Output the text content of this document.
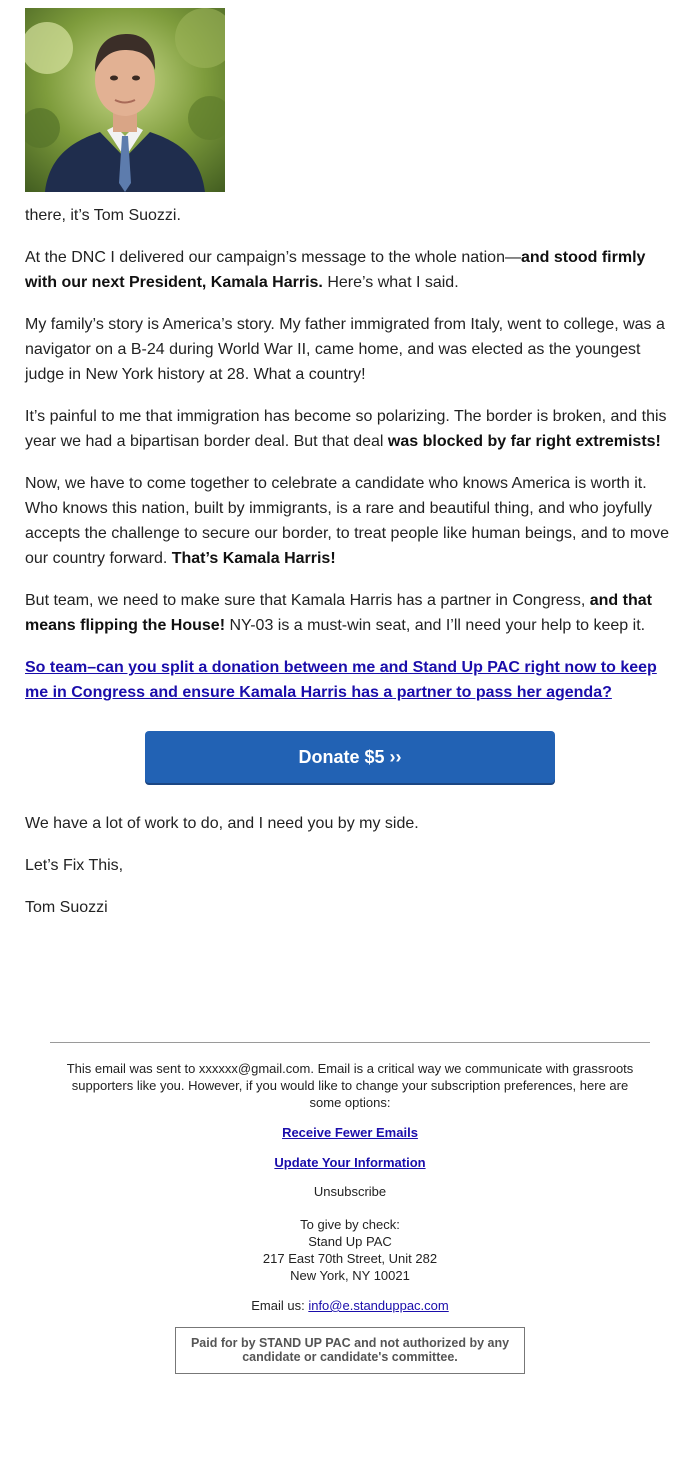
there, it’s Tom Suozzi.

At the DNC I delivered our campaign’s message to the whole nation—and stood firmly with our next President, Kamala Harris. Here’s what I said.

My family’s story is America’s story. My father immigrated from Italy, went to college, was a navigator on a B-24 during World War II, came home, and was elected as the youngest judge in New York history at 28. What a country!

It’s painful to me that immigration has become so polarizing. The border is broken, and this year we had a bipartisan border deal. But that deal was blocked by far right extremists!

Now, we have to come together to celebrate a candidate who knows America is worth it. Who knows this nation, built by immigrants, is a rare and beautiful thing, and who joyfully accepts the challenge to secure our border, to treat people like human beings, and to move our country forward. That’s Kamala Harris!

But team, we need to make sure that Kamala Harris has a partner in Congress, and that means flipping the House! NY-03 is a must-win seat, and I’ll need your help to keep it.

So team–can you split a donation between me and Stand Up PAC right now to keep me in Congress and ensure Kamala Harris has a partner to pass her agenda?

Donate $5 ››

We have a lot of work to do, and I need you by my side.

Let’s Fix This,

Tom Suozzi

This email was sent to xxxxxx@gmail.com. Email is a critical way we communicate with grassroots supporters like you. However, if you would like to change your subscription preferences, here are some options:
Receive Fewer Emails
Update Your Information
Unsubscribe
To give by check:
Stand Up PAC
217 East 70th Street, Unit 282
New York, NY 10021
Email us: info@e.standuppac.com
Paid for by STAND UP PAC and not authorized by any candidate or candidate's committee.
